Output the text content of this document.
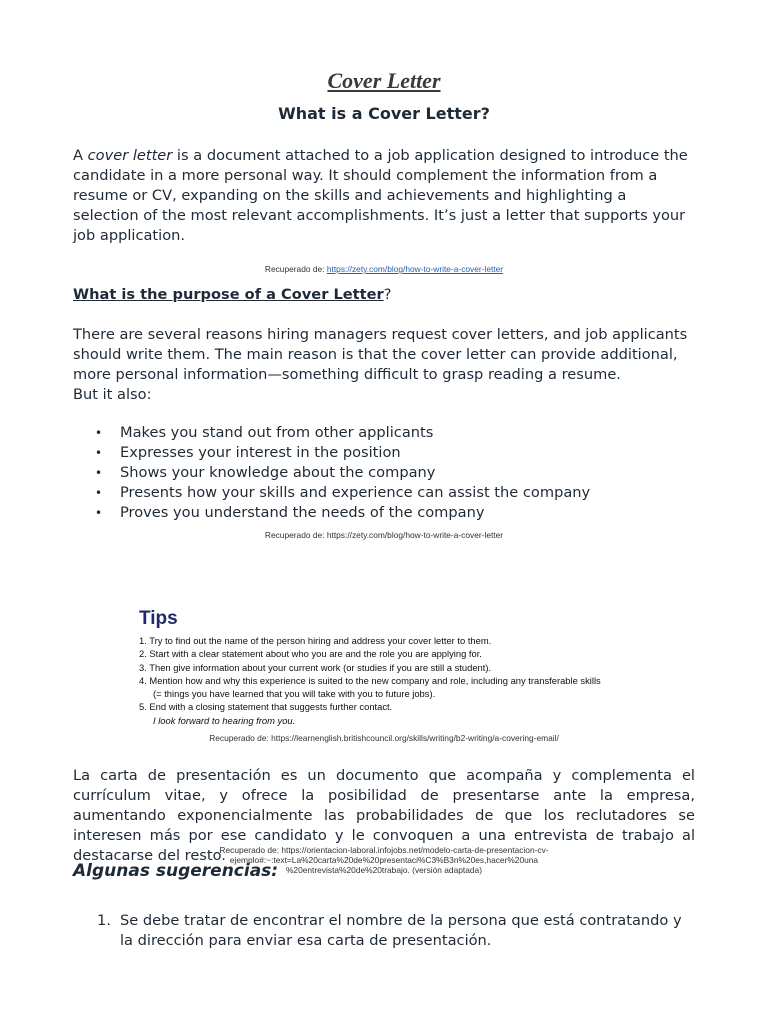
Cover Letter
What is a Cover Letter?

A cover letter is a document attached to a job application designed to introduce the candidate in a more personal way. It should complement the information from a resume or CV, expanding on the skills and achievements and highlighting a selection of the most relevant accomplishments. It’s just a letter that supports your job application.

Recuperado de: https://zety.com/blog/how-to-write-a-cover-letter

What is the purpose of a Cover Letter?

There are several reasons hiring managers request cover letters, and job applicants should write them. The main reason is that the cover letter can provide additional, more personal information—something difficult to grasp reading a resume.

But it also:

• Makes you stand out from other applicants
• Expresses your interest in the position
• Shows your knowledge about the company
• Presents how your skills and experience can assist the company
• Proves you understand the needs of the company

Recuperado de: https://zety.com/blog/how-to-write-a-cover-letter

Tips

1. Try to find out the name of the person hiring and address your cover letter to them.
2. Start with a clear statement about who you are and the role you are applying for.
3. Then give information about your current work (or studies if you are still a student).
4. Mention how and why this experience is suited to the new company and role, including any transferable skills
(= things you have learned that you will take with you to future jobs).
5. End with a closing statement that suggests further contact.
I look forward to hearing from you.

Recuperado de: https://learnenglish.britishcouncil.org/skills/writing/b2-writing/a-covering-email/

La carta de presentación es un documento que acompaña y complementa el currículum vitae, y ofrece la posibilidad de presentarse ante la empresa, aumentando exponencialmente las probabilidades de que los reclutadores se interesen más por ese candidato y le convoquen a una entrevista de trabajo al destacarse del resto.

Recuperado de: https://orientacion-laboral.infojobs.net/modelo-carta-de-presentacion-cv-ejemplo#:~:text=La%20carta%20de%20presentaci%C3%B3n%20es,hacer%20una
%20entrevista%20de%20trabajo. (versión adaptada)

Algunas sugerencias:

1. Se debe tratar de encontrar el nombre de la persona que está contratando y la dirección para enviar esa carta de presentación.
